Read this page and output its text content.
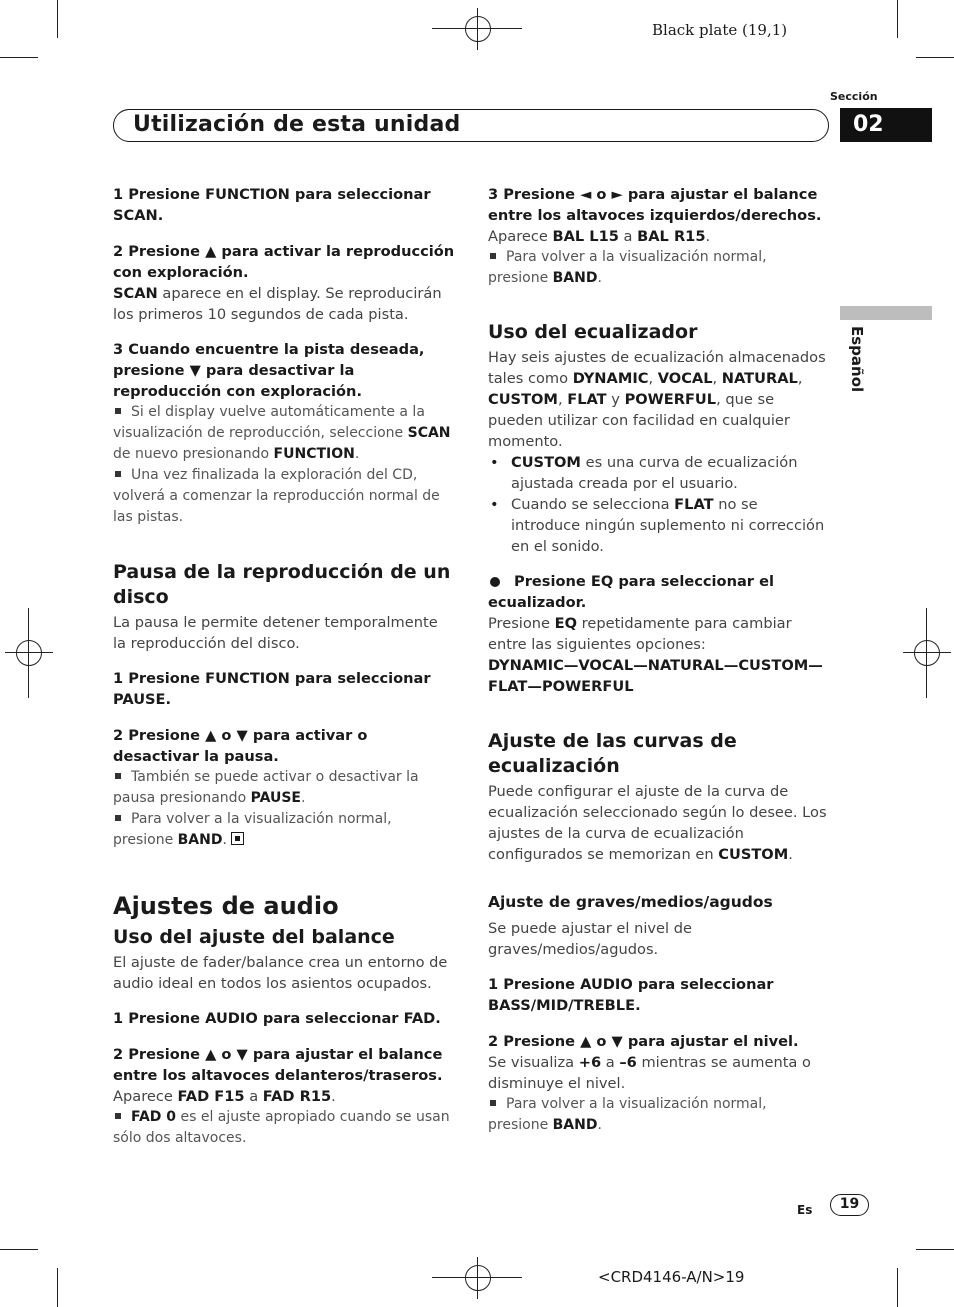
Black plate (19,1)
Sección
Utilización de esta unidad	02
Español

1 Presione FUNCTION para seleccionar SCAN.

2 Presione ▲ para activar la reproducción con exploración.

SCAN aparece en el display. Se reproducirán los primeros 10 segundos de cada pista.

3 Cuando encuentre la pista deseada, presione ▼ para desactivar la reproducción con exploración.

Si el display vuelve automáticamente a la visualización de reproducción, seleccione SCAN de nuevo presionando FUNCTION.

Una vez finalizada la exploración del CD, volverá a comenzar la reproducción normal de las pistas.

Pausa de la reproducción de un disco

La pausa le permite detener temporalmente la reproducción del disco.

1 Presione FUNCTION para seleccionar PAUSE.

2 Presione ▲ o ▼ para activar o desactivar la pausa.

También se puede activar o desactivar la pausa presionando PAUSE.

Para volver a la visualización normal, presione BAND.

Ajustes de audio

Uso del ajuste del balance

El ajuste de fader/balance crea un entorno de audio ideal en todos los asientos ocupados.

1 Presione AUDIO para seleccionar FAD.

2 Presione ▲ o ▼ para ajustar el balance entre los altavoces delanteros/traseros.

Aparece FAD F15 a FAD R15.

FAD 0 es el ajuste apropiado cuando se usan sólo dos altavoces.

3 Presione ◄ o ► para ajustar el balance entre los altavoces izquierdos/derechos.

Aparece BAL L15 a BAL R15.

Para volver a la visualización normal, presione BAND.

Uso del ecualizador

Hay seis ajustes de ecualización almacenados tales como DYNAMIC, VOCAL, NATURAL, CUSTOM, FLAT y POWERFUL, que se pueden utilizar con facilidad en cualquier momento.

• CUSTOM es una curva de ecualización ajustada creada por el usuario.

• Cuando se selecciona FLAT no se introduce ningún suplemento ni corrección en el sonido.

Presione EQ para seleccionar el ecualizador.

Presione EQ repetidamente para cambiar entre las siguientes opciones:

DYNAMIC—VOCAL—NATURAL—CUSTOM—FLAT—POWERFUL

Ajuste de las curvas de ecualización

Puede configurar el ajuste de la curva de ecualización seleccionado según lo desee. Los ajustes de la curva de ecualización configurados se memorizan en CUSTOM.

Ajuste de graves/medios/agudos

Se puede ajustar el nivel de graves/medios/agudos.

1 Presione AUDIO para seleccionar BASS/MID/TREBLE.

2 Presione ▲ o ▼ para ajustar el nivel.

Se visualiza +6 a –6 mientras se aumenta o disminuye el nivel.

Para volver a la visualización normal, presione BAND.

Es	19
<CRD4146-A/N>19
